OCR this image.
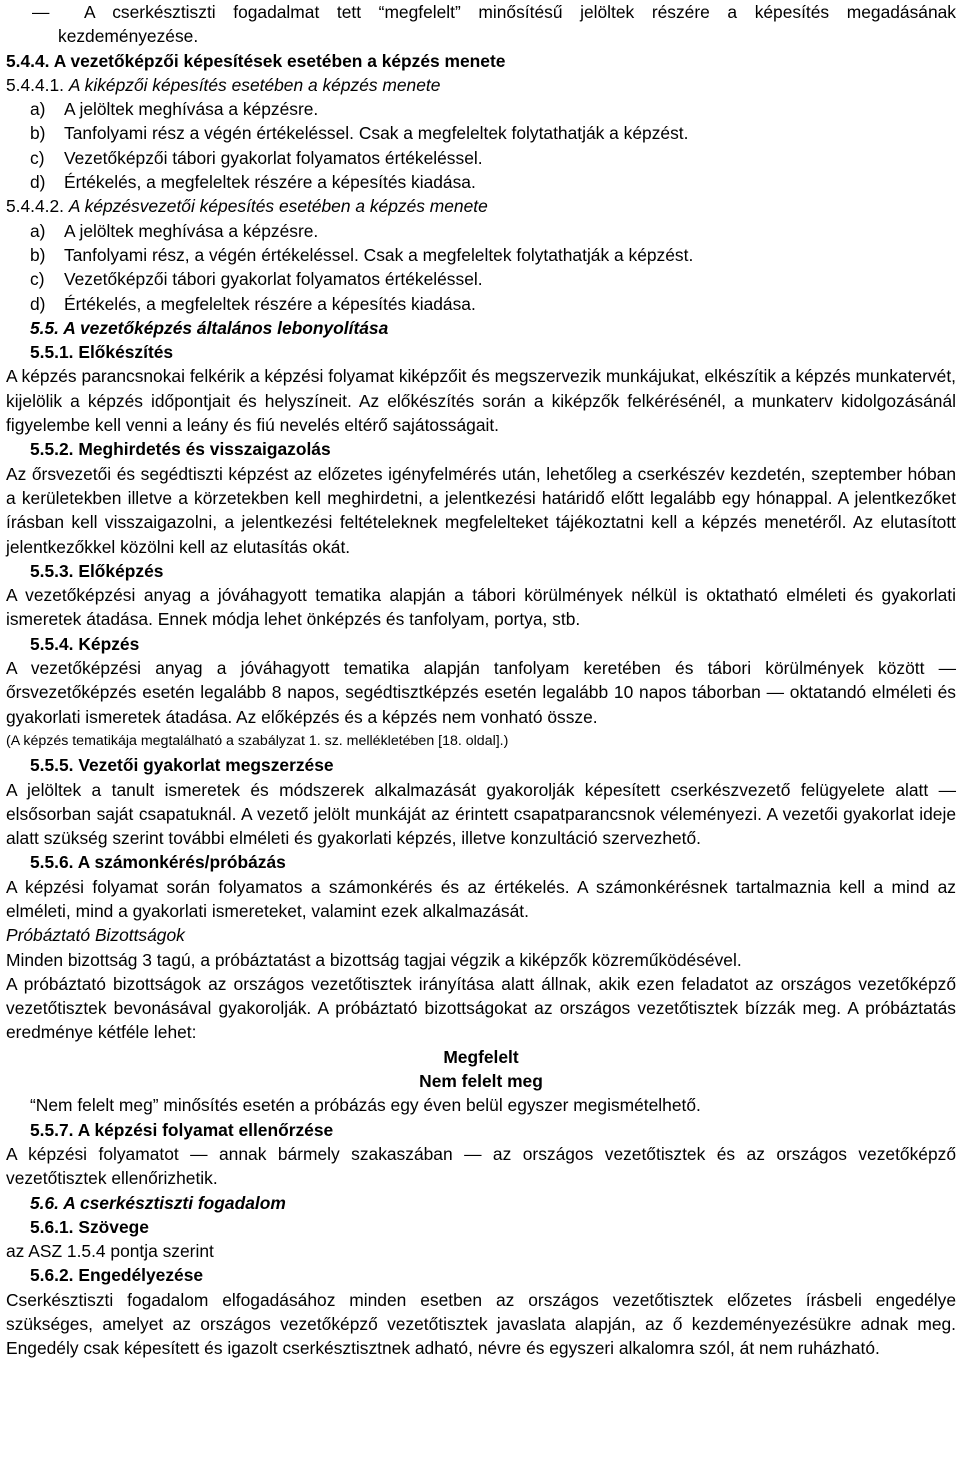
— A cserkésztiszti fogadalmat tett “megfelelt” minősítésű jelöltek részére a képesítés megadásának kezdeményezése.

5.4.4. A vezetőképzői képesítések esetében a képzés menete

5.4.4.1. A kiképzői képesítés esetében a képzés menete

a)	A jelöltek meghívása a képzésre.
b)	Tanfolyami rész a végén értékeléssel. Csak a megfeleltek folytathatják a képzést.
c)	Vezetőképzői tábori gyakorlat folyamatos értékeléssel.
d)	Értékelés, a megfeleltek részére a képesítés kiadása.

5.4.4.2. A képzésvezetői képesítés esetében a képzés menete

a)	A jelöltek meghívása a képzésre.
b)	Tanfolyami rész, a végén értékeléssel. Csak a megfeleltek folytathatják a képzést.
c)	Vezetőképzői tábori gyakorlat folyamatos értékeléssel.
d)	Értékelés, a megfeleltek részére a képesítés kiadása.

5.5. A vezetőképzés általános lebonyolítása

5.5.1. Előkészítés

A képzés parancsnokai felkérik a képzési folyamat kiképzőit és megszervezik munkájukat, elkészítik a képzés munkatervét, kijelölik a képzés időpontjait és helyszíneit. Az előkészítés során a kiképzők felkérésénél, a munkaterv kidolgozásánál figyelembe kell venni a leány és fiú nevelés eltérő sajátosságait.

5.5.2. Meghirdetés és visszaigazolás

Az őrsvezetői és segédtiszti képzést az előzetes igényfelmérés után, lehetőleg a cserkészév kezdetén, szeptember hóban a kerületekben illetve a körzetekben kell meghirdetni, a jelentkezési határidő előtt legalább egy hónappal. A jelentkezőket írásban kell visszaigazolni, a jelentkezési feltételeknek megfelelteket tájékoztatni kell a képzés menetéről. Az elutasított jelentkezőkkel közölni kell az elutasítás okát.

5.5.3. Előképzés

A vezetőképzési anyag a jóváhagyott tematika alapján a tábori körülmények nélkül is oktatható elméleti és gyakorlati ismeretek átadása. Ennek módja lehet önképzés és tanfolyam, portya, stb.

5.5.4. Képzés

A vezetőképzési anyag a jóváhagyott tematika alapján tanfolyam keretében és tábori körülmények között — őrsvezetőképzés esetén legalább 8 napos, segédtisztképzés esetén legalább 10 napos táborban — oktatandó elméleti és gyakorlati ismeretek átadása. Az előképzés és a képzés nem vonható össze.

(A képzés tematikája megtalálható a szabályzat 1. sz. mellékletében [18. oldal].)

5.5.5. Vezetői gyakorlat megszerzése

A jelöltek a tanult ismeretek és módszerek alkalmazását gyakorolják képesített cserkészvezető felügyelete alatt — elsősorban saját csapatuknál. A vezető jelölt munkáját az érintett csapatparancsnok véleményezi. A vezetői gyakorlat ideje alatt szükség szerint további elméleti és gyakorlati képzés, illetve konzultáció szervezhető.

5.5.6. A számonkérés/próbázás

A képzési folyamat során folyamatos a számonkérés és az értékelés. A számonkérésnek tartalmaznia kell a mind az elméleti, mind a gyakorlati ismereteket, valamint ezek alkalmazását.

Próbáztató Bizottságok

Minden bizottság 3 tagú, a próbáztatást a bizottság tagjai végzik a kiképzők közreműködésével.

A próbáztató bizottságok az országos vezetőtisztek irányítása alatt állnak, akik ezen feladatot az országos vezetőképző vezetőtisztek bevonásával gyakorolják. A próbáztató bizottságokat az országos vezetőtisztek bízzák meg. A próbáztatás eredménye kétféle lehet:

Megfelelt

Nem felelt meg

“Nem felelt meg” minősítés esetén a próbázás egy éven belül egyszer megismételhető.

5.5.7. A képzési folyamat ellenőrzése

A képzési folyamatot — annak bármely szakaszában — az országos vezetőtisztek és az országos vezetőképző vezetőtisztek ellenőrizhetik.

5.6. A cserkésztiszti fogadalom

5.6.1. Szövege

az ASZ 1.5.4 pontja szerint

5.6.2. Engedélyezése

Cserkésztiszti fogadalom elfogadásához minden esetben az országos vezetőtisztek előzetes írásbeli engedélye szükséges, amelyet az országos vezetőképző vezetőtisztek javaslata alapján, az ő kezdeményezésükre adnak meg. Engedély csak képesített és igazolt cserkésztisztnek adható, névre és egyszeri alkalomra szól, át nem ruházható.
